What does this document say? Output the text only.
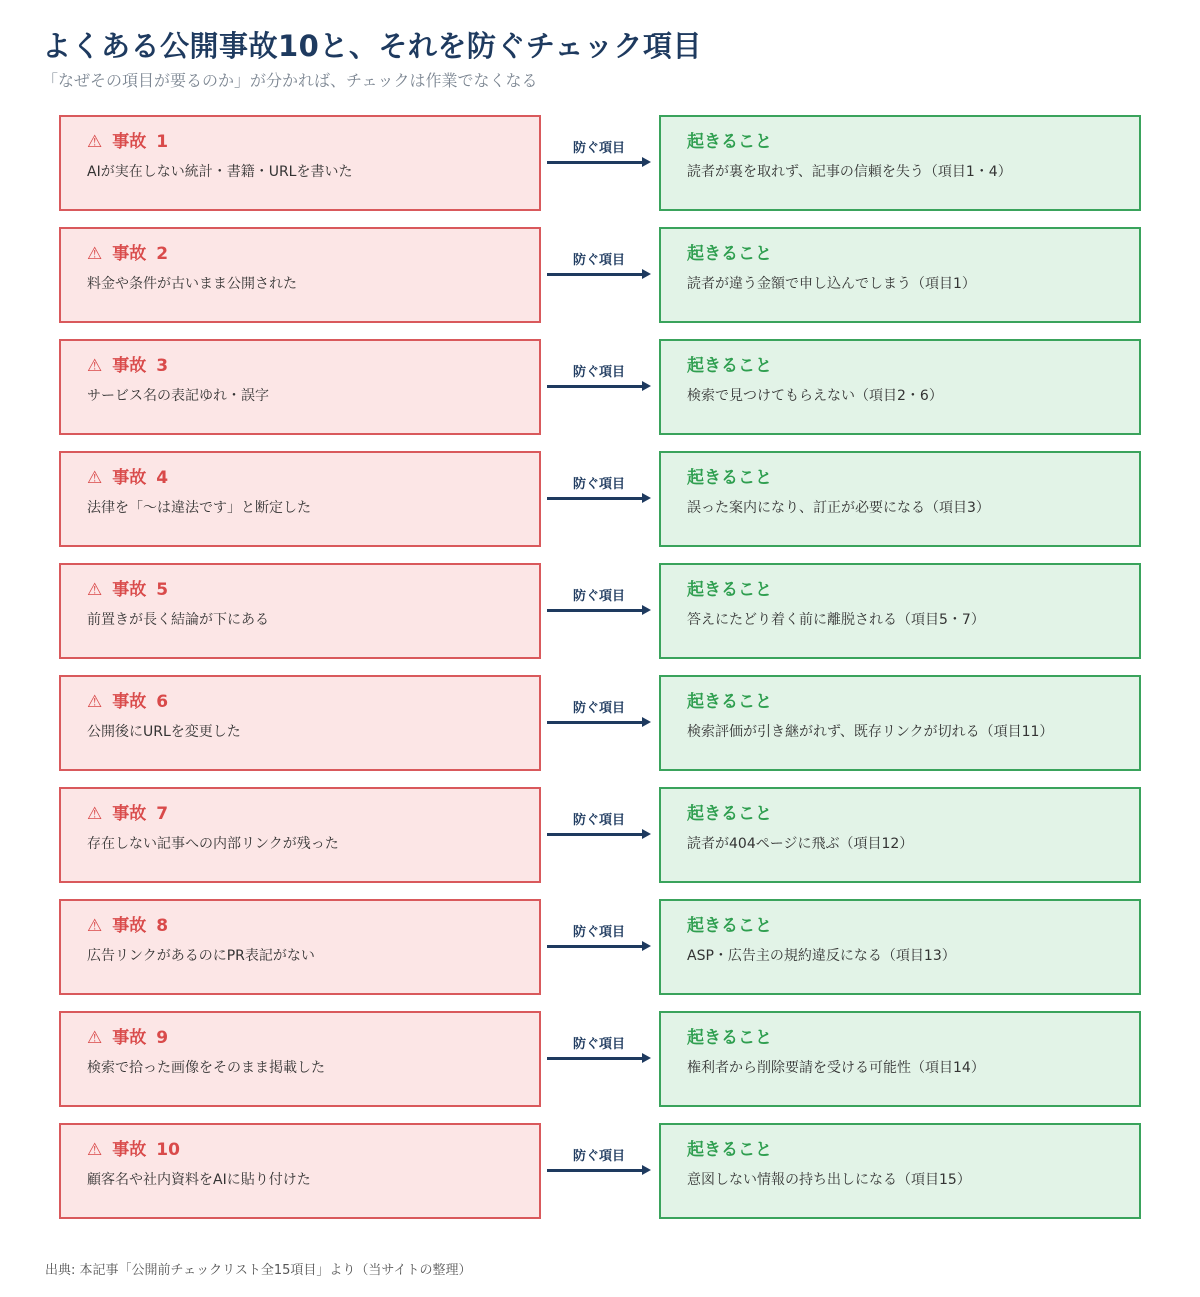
よくある公開事故10と、それを防ぐチェック項目
「なぜその項目が要るのか」が分かれば、チェックは作業でなくなる
⚠ 事故 1
AIが実在しない統計・書籍・URLを書いた
防ぐ項目	起きること
読者が裏を取れず、記事の信頼を失う（項目1・4）
⚠ 事故 2
料金や条件が古いまま公開された
防ぐ項目	起きること
読者が違う金額で申し込んでしまう（項目1）
⚠ 事故 3
サービス名の表記ゆれ・誤字
防ぐ項目	起きること
検索で見つけてもらえない（項目2・6）
⚠ 事故 4
法律を「〜は違法です」と断定した
防ぐ項目	起きること
誤った案内になり、訂正が必要になる（項目3）
⚠ 事故 5
前置きが長く結論が下にある
防ぐ項目	起きること
答えにたどり着く前に離脱される（項目5・7）
⚠ 事故 6
公開後にURLを変更した
防ぐ項目	起きること
検索評価が引き継がれず、既存リンクが切れる（項目11）
⚠ 事故 7
存在しない記事への内部リンクが残った
防ぐ項目	起きること
読者が404ページに飛ぶ（項目12）
⚠ 事故 8
広告リンクがあるのにPR表記がない
防ぐ項目	起きること
ASP・広告主の規約違反になる（項目13）
⚠ 事故 9
検索で拾った画像をそのまま掲載した
防ぐ項目	起きること
権利者から削除要請を受ける可能性（項目14）
⚠ 事故 10
顧客名や社内資料をAIに貼り付けた
防ぐ項目	起きること
意図しない情報の持ち出しになる（項目15）
出典: 本記事「公開前チェックリスト全15項目」より（当サイトの整理）
